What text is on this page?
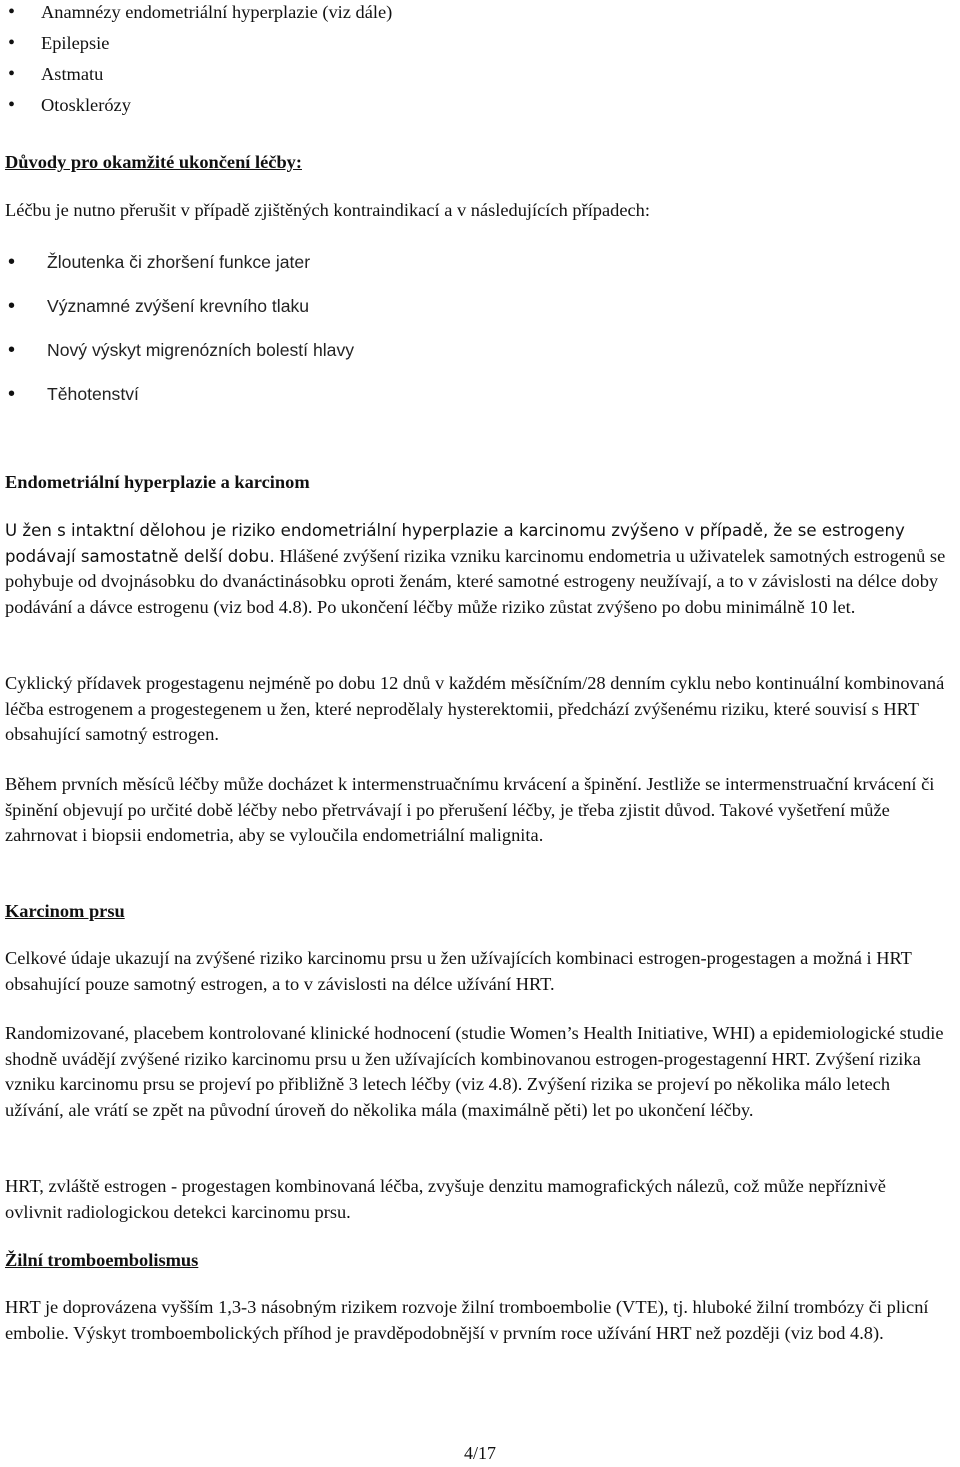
• Anamnézy endometriální hyperplazie (viz dále)
• Epilepsie
• Astmatu
• Otosklerózy
Důvody pro okamžité ukončení léčby:
Léčbu je nutno přerušit v případě zjištěných kontraindikací a v následujících případech:
• Žloutenka či zhoršení funkce jater
• Významné zvýšení krevního tlaku
• Nový výskyt migrenózních bolestí hlavy
• Těhotenství
Endometriální hyperplazie a karcinom

U žen s intaktní dělohou je riziko endometriální hyperplazie a karcinomu zvýšeno v případě, že se estrogeny podávají samostatně delší dobu. Hlášené zvýšení rizika vzniku karcinomu endometria u uživatelek samotných estrogenů se pohybuje od dvojnásobku do dvanáctinásobku oproti ženám, které samotné estrogeny neužívají, a to v závislosti na délce doby podávání a dávce estrogenu (viz bod 4.8). Po ukončení léčby může riziko zůstat zvýšeno po dobu minimálně 10 let.

Cyklický přídavek progestagenu nejméně po dobu 12 dnů v každém měsíčním/28 denním cyklu nebo kontinuální kombinovaná léčba estrogenem a progestegenem u žen, které neprodělaly hysterektomii, předchází zvýšenému riziku, které souvisí s HRT obsahující samotný estrogen.

Během prvních měsíců léčby může docházet k intermenstruačnímu krvácení a špinění. Jestliže se intermenstruační krvácení či špinění objevují po určité době léčby nebo přetrvávají i po přerušení léčby, je třeba zjistit důvod. Takové vyšetření může zahrnovat i biopsii endometria, aby se vyloučila endometriální malignita.

Karcinom prsu

Celkové údaje ukazují na zvýšené riziko karcinomu prsu u žen užívajících kombinaci estrogen-progestagen a možná i HRT obsahující pouze samotný estrogen, a to v závislosti na délce užívání HRT.

Randomizované, placebem kontrolované klinické hodnocení (studie Women’s Health Initiative, WHI) a epidemiologické studie shodně uvádějí zvýšené riziko karcinomu prsu u žen užívajících kombinovanou estrogen-progestagenní HRT. Zvýšení rizika vzniku karcinomu prsu se projeví po přibližně 3 letech léčby (viz 4.8). Zvýšení rizika se projeví po několika málo letech užívání, ale vrátí se zpět na původní úroveň do několika mála (maximálně pěti) let po ukončení léčby.

HRT, zvláště estrogen - progestagen kombinovaná léčba, zvyšuje denzitu mamografických nálezů, což může nepříznivě ovlivnit radiologickou detekci karcinomu prsu.

Žilní tromboembolismus

HRT je doprovázena vyšším 1,3-3 násobným rizikem rozvoje žilní tromboembolie (VTE), tj. hluboké žilní trombózy či plicní embolie. Výskyt tromboembolických příhod je pravděpodobnější v prvním roce užívání HRT než později (viz bod 4.8).

4/17
